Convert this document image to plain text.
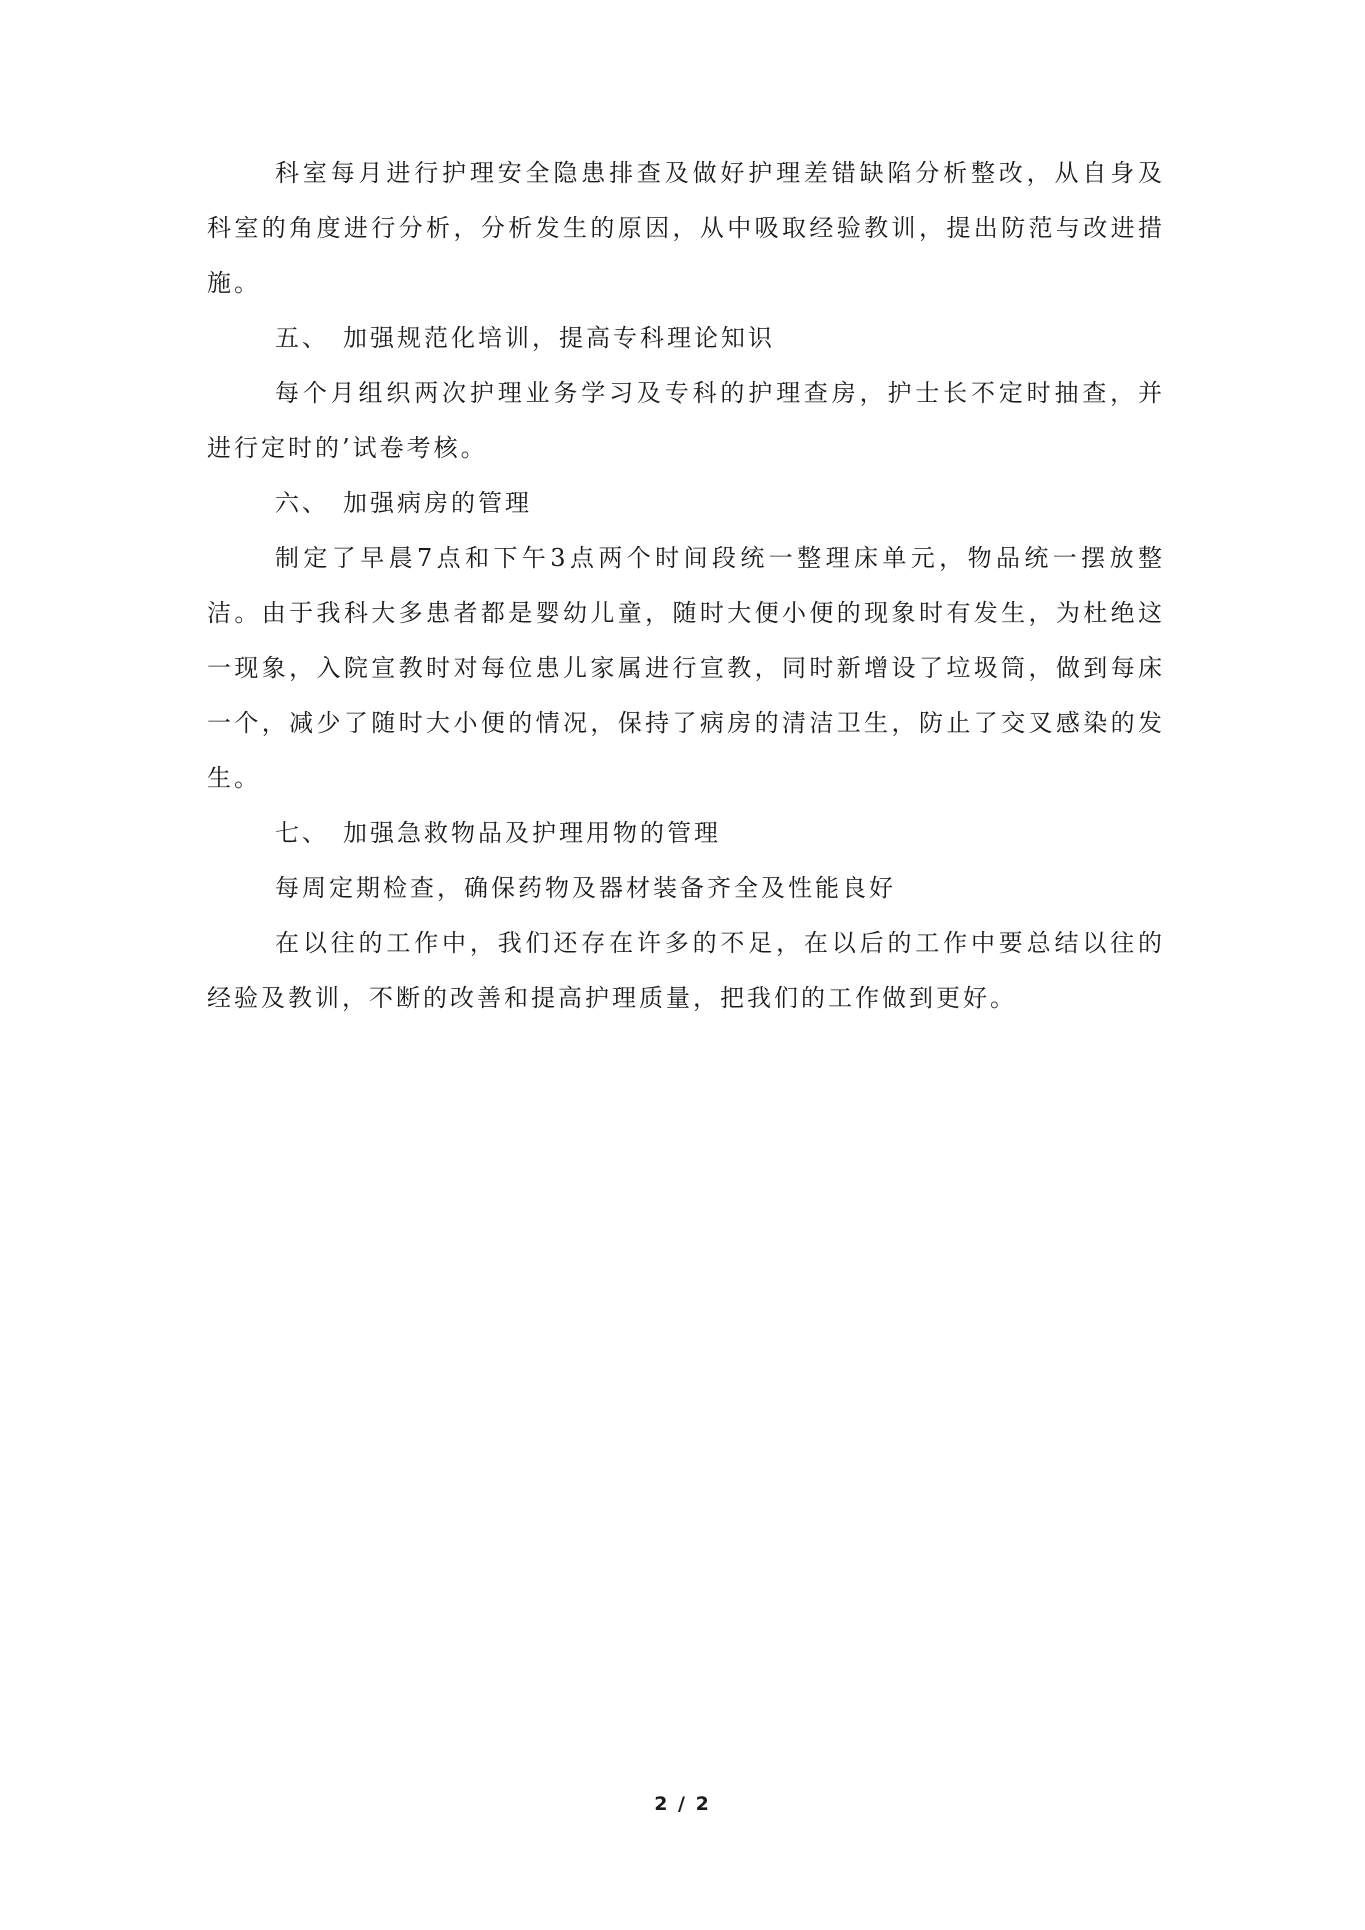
科室每月进行护理安全隐患排查及做好护理差错缺陷分析整改，从自身及科室的角度进行分析，分析发生的原因，从中吸取经验教训，提出防范与改进措施。

五、 加强规范化培训，提高专科理论知识

每个月组织两次护理业务学习及专科的护理查房，护士长不定时抽查，并进行定时的’试卷考核。

六、 加强病房的管理

制定了早晨7点和下午3点两个时间段统一整理床单元，物品统一摆放整洁。由于我科大多患者都是婴幼儿童，随时大便小便的现象时有发生，为杜绝这一现象，入院宣教时对每位患儿家属进行宣教，同时新增设了垃圾筒，做到每床一个，减少了随时大小便的情况，保持了病房的清洁卫生，防止了交叉感染的发生。

七、 加强急救物品及护理用物的管理

每周定期检查，确保药物及器材装备齐全及性能良好

在以往的工作中，我们还存在许多的不足，在以后的工作中要总结以往的经验及教训，不断的改善和提高护理质量，把我们的工作做到更好。

2 / 2
